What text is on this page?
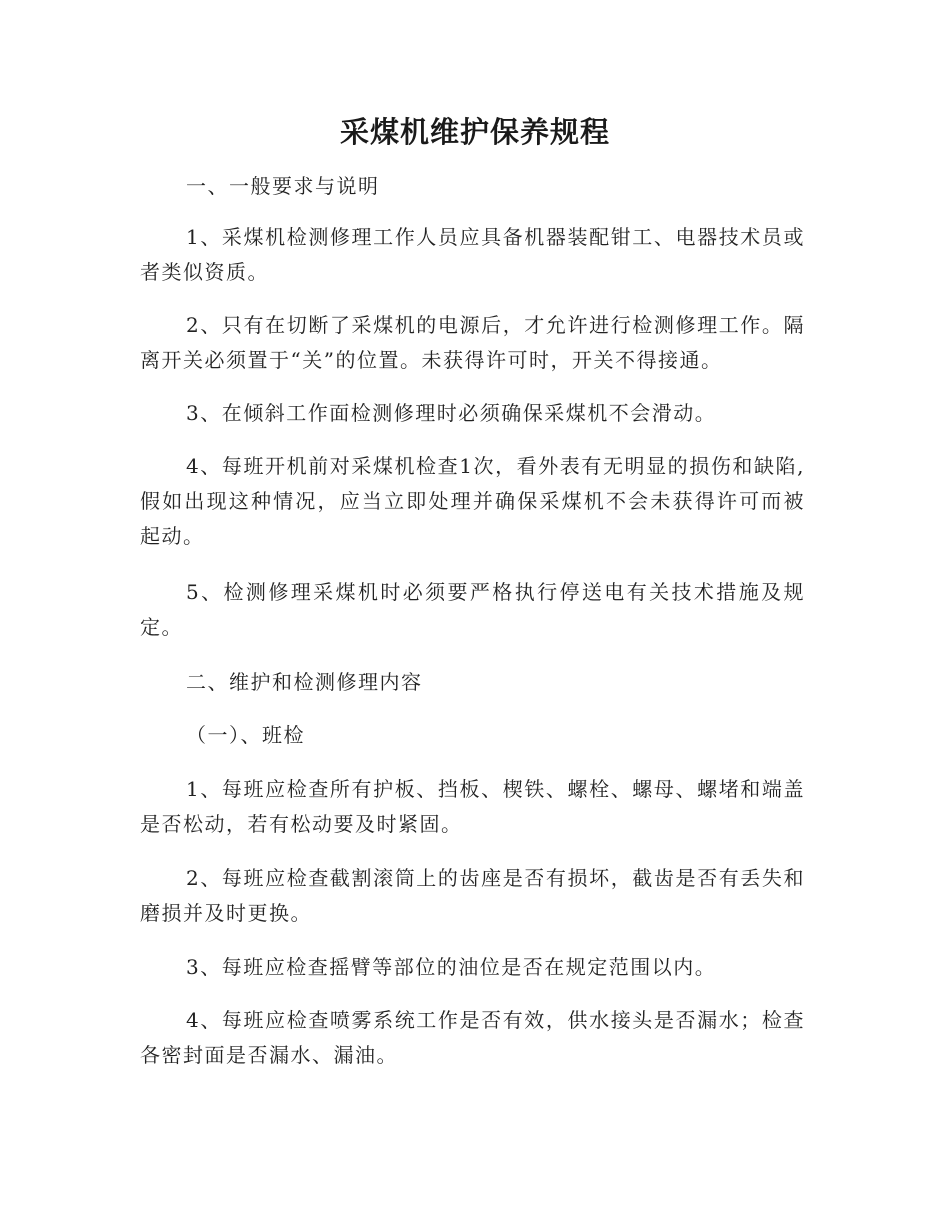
采煤机维护保养规程

一、一般要求与说明

1、采煤机检测修理工作人员应具备机器装配钳工、电器技术员或者类似资质。

2、只有在切断了采煤机的电源后，才允许进行检测修理工作。隔离开关必须置于“关”的位置。未获得许可时，开关不得接通。

3、在倾斜工作面检测修理时必须确保采煤机不会滑动。

4、每班开机前对采煤机检查1次，看外表有无明显的损伤和缺陷,假如出现这种情况，应当立即处理并确保采煤机不会未获得许可而被起动。

5、检测修理采煤机时必须要严格执行停送电有关技术措施及规定。

二、维护和检测修理内容

（一）、班检

1、每班应检查所有护板、挡板、楔铁、螺栓、螺母、螺堵和端盖是否松动，若有松动要及时紧固。

2、每班应检查截割滚筒上的齿座是否有损坏，截齿是否有丢失和磨损并及时更换。

3、每班应检查摇臂等部位的油位是否在规定范围以内。

4、每班应检查喷雾系统工作是否有效，供水接头是否漏水；检查各密封面是否漏水、漏油。
